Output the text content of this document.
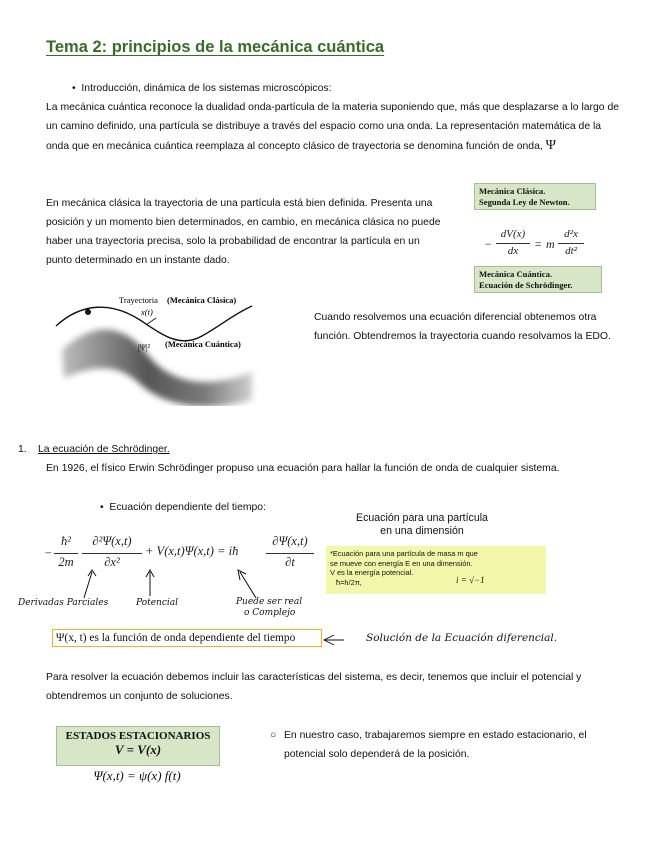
Tema 2: principios de la mecánica cuántica
•  Introducción, dinámica de los sistemas microscópicos:
La mecánica cuántica reconoce la dualidad onda-partícula de la materia suponiendo que, más que desplazarse a lo largo de un camino definido, una partícula se distribuye a través del espacio como una onda. La representación matemática de la onda que en mecánica cuántica reemplaza al concepto clásico de trayectoria se denomina función de onda, Ψ
En mecánica clásica la trayectoria de una partícula está bien definida. Presenta una posición y un momento bien determinados, en cambio, en mecánica clásica no puede haber una trayectoria precisa, solo la probabilidad de encontrar la partícula en un punto determinado en un instante dado.
Mecánica Clásica.
Segunda Ley de Newton.
−
dV(x)
dx	= m
d²x
dt²
Mecánica Cuántica.
Ecuación de Schrödinger.
Trayectoria (Mecánica Clásica)
x(t)
|Ψ|² (Mecánica Cuántica)
Cuando resolvemos una ecuación diferencial obtenemos otra función. Obtendremos la trayectoria cuando resolvamos la EDO.
1. La ecuación de Schrödinger.
En 1926, el físico Erwin Schrödinger propuso una ecuación para hallar la función de onda de cualquier sistema.
•  Ecuación dependiente del tiempo:
Ecuación para una partícula
en una dimensión
−
ħ²
2m
∂²Ψ(x,t)
∂x²
+ V(x,t)Ψ(x,t) = iħ
∂Ψ(x,t)
∂t
*Ecuación para una partícula de masa m que
se mueve con energía E en una dimensión.
V es la energía potencial.
ħ=h/2π,	i = √−1
Derivadas Parciales	Potencial	Puede ser real
o Complejo
Ψ(x, t) es la función de onda dependiente del tiempo	Solución de la Ecuación diferencial.
Para resolver la ecuación debemos incluir las características del sistema, es decir, tenemos que incluir el potencial y obtendremos un conjunto de soluciones.
ESTADOS ESTACIONARIOS
V = V(x)
Ψ(x,t) = ψ(x) f(t)
○ En nuestro caso, trabajaremos siempre en estado estacionario, el potencial solo dependerá de la posición.
